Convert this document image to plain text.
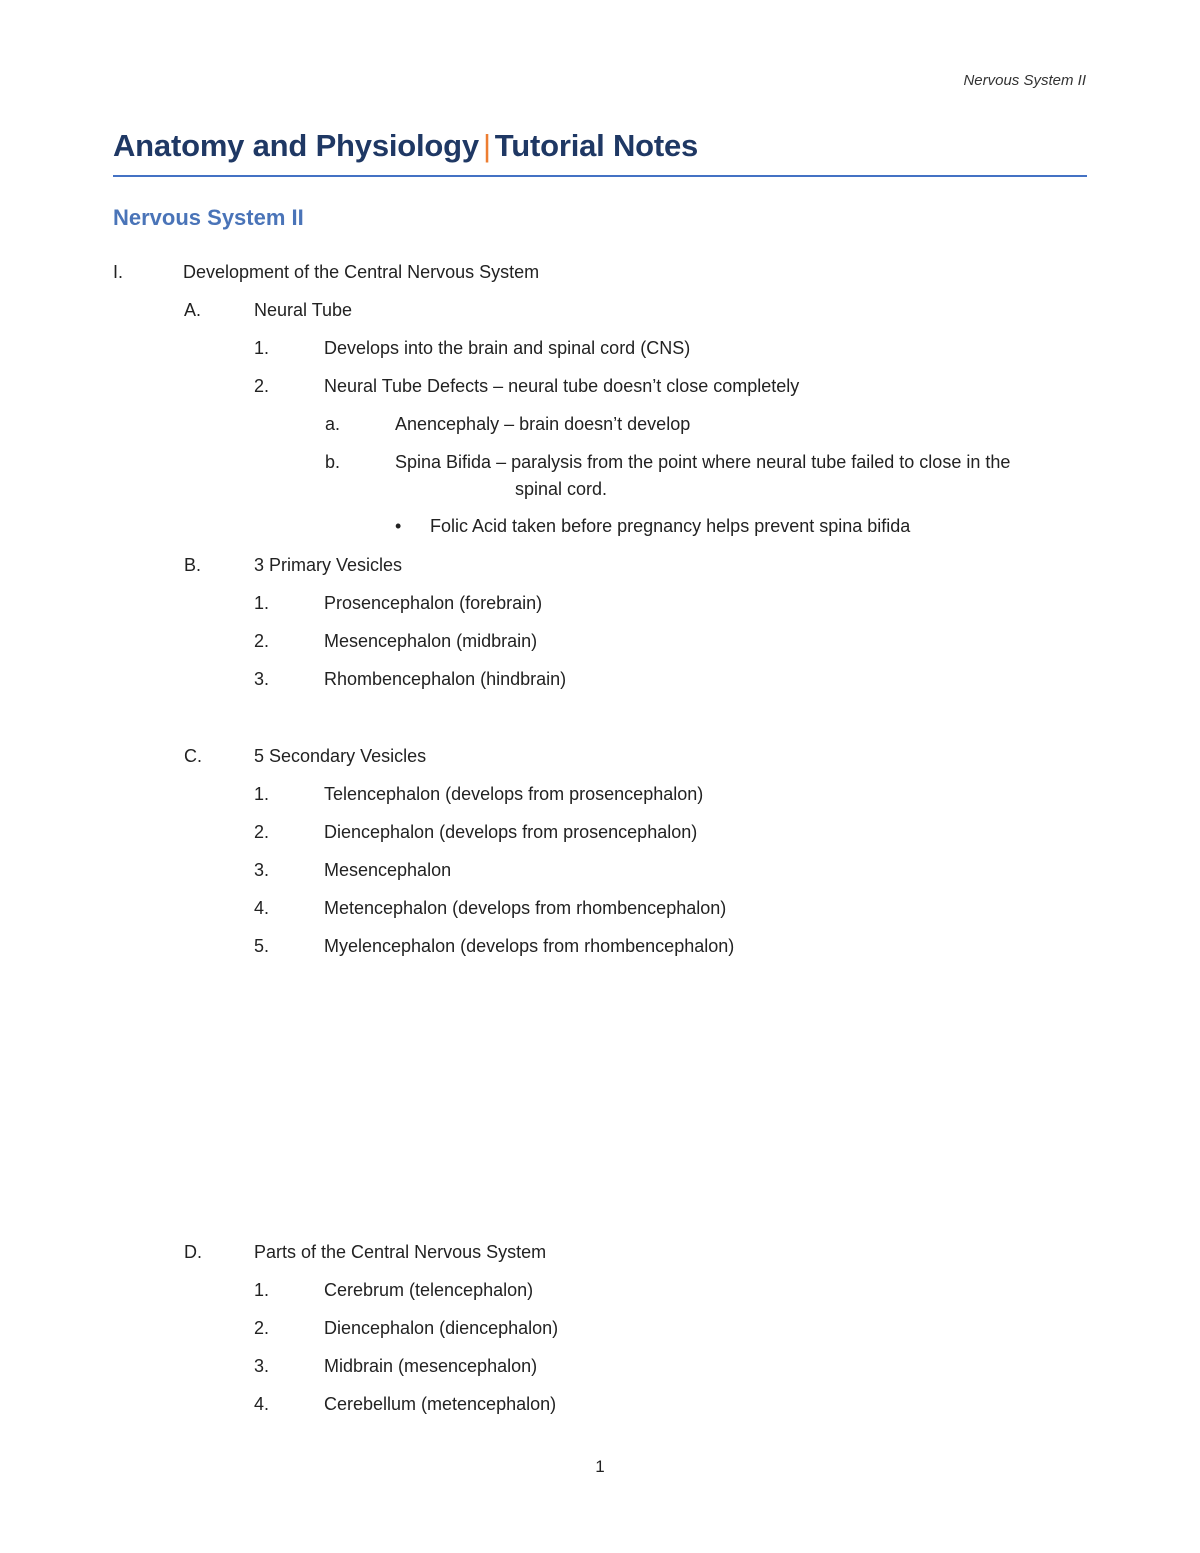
Nervous System II
Anatomy and Physiology | Tutorial Notes
Nervous System II
I.	Development of the Central Nervous System
A.	Neural Tube
1.	Develops into the brain and spinal cord (CNS)
2.	Neural Tube Defects – neural tube doesn’t close completely
a.	Anencephaly – brain doesn’t develop
b.	Spina Bifida – paralysis from the point where neural tube failed to close in the
spinal cord.
• Folic Acid taken before pregnancy helps prevent spina bifida
B.	3 Primary Vesicles
1.	Prosencephalon (forebrain)
2.	Mesencephalon (midbrain)
3.	Rhombencephalon (hindbrain)
C.	5 Secondary Vesicles
1.	Telencephalon (develops from prosencephalon)
2.	Diencephalon (develops from prosencephalon)
3.	Mesencephalon
4.	Metencephalon (develops from rhombencephalon)
5.	Myelencephalon (develops from rhombencephalon)
D.	Parts of the Central Nervous System
1.	Cerebrum (telencephalon)
2.	Diencephalon (diencephalon)
3.	Midbrain (mesencephalon)
4.	Cerebellum (metencephalon)
1
